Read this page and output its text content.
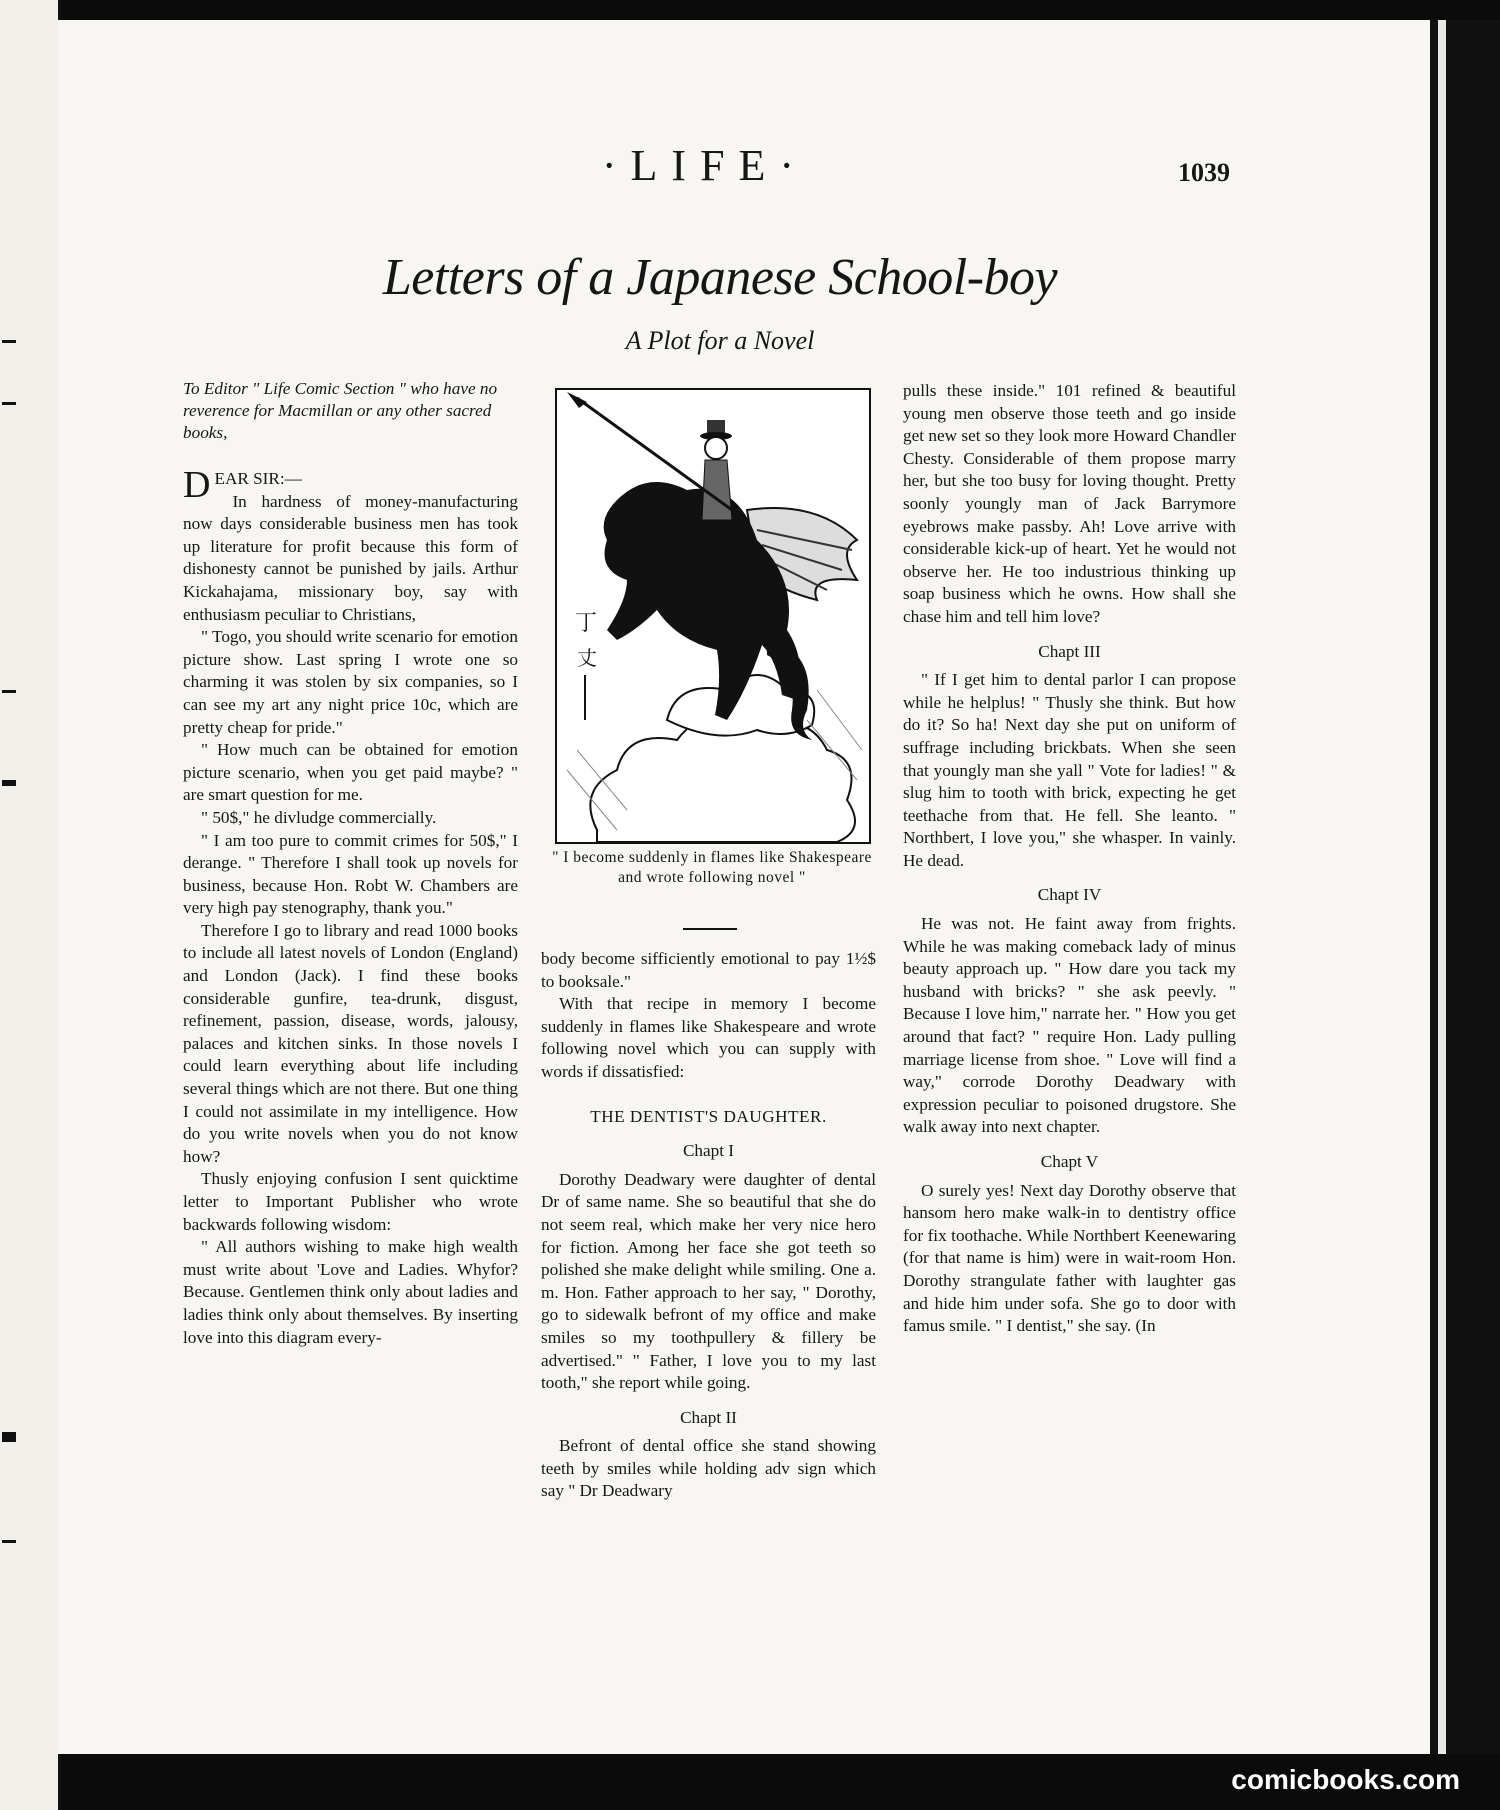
·LIFE·	1039
Letters of a Japanese School-boy
A Plot for a Novel

To Editor " Life Comic Section " who have no reverence for Macmillan or any other sacred books,

DEAR SIR:—

In hardness of money-manufacturing now days considerable business men has took up literature for profit because this form of dishonesty cannot be punished by jails. Arthur Kickahajama, missionary boy, say with enthusiasm peculiar to Christians,

" Togo, you should write scenario for emotion picture show. Last spring I wrote one so charming it was stolen by six companies, so I can see my art any night price 10c, which are pretty cheap for pride."

" How much can be obtained for emotion picture scenario, when you get paid maybe? " are smart question for me.

" 50$," he divludge commercially.

" I am too pure to commit crimes for 50$," I derange. " Therefore I shall took up novels for business, because Hon. Robt W. Chambers are very high pay stenography, thank you."

Therefore I go to library and read 1000 books to include all latest novels of London (England) and London (Jack). I find these books considerable gunfire, tea-drunk, disgust, refinement, passion, disease, words, jalousy, palaces and kitchen sinks. In those novels I could learn everything about life including several things which are not there. But one thing I could not assimilate in my intelligence. How do you write novels when you do not know how?

Thusly enjoying confusion I sent quicktime letter to Important Publisher who wrote backwards following wisdom:

" All authors wishing to make high wealth must write about 'Love and Ladies. Whyfor? Because. Gentlemen think only about ladies and ladies think only about themselves. By inserting love into this diagram every-

丁
丈
" I become suddenly in flames like Shakespeare and wrote following novel "

body become sifficiently emotional to pay 1½$ to booksale."

With that recipe in memory I become suddenly in flames like Shakespeare and wrote following novel which you can supply with words if dissatisfied:

THE DENTIST'S DAUGHTER.

Chapt I

Dorothy Deadwary were daughter of dental Dr of same name. She so beautiful that she do not seem real, which make her very nice hero for fiction. Among her face she got teeth so polished she make delight while smiling. One a. m. Hon. Father approach to her say, " Dorothy, go to sidewalk befront of my office and make smiles so my toothpullery & fillery be advertised." " Father, I love you to my last tooth," she report while going.

Chapt II

Befront of dental office she stand showing teeth by smiles while holding adv sign which say " Dr Deadwary

pulls these inside." 101 refined & beautiful young men observe those teeth and go inside get new set so they look more Howard Chandler Chesty. Considerable of them propose marry her, but she too busy for loving thought. Pretty soonly youngly man of Jack Barrymore eyebrows make passby. Ah! Love arrive with considerable kick-up of heart. Yet he would not observe her. He too industrious thinking up soap business which he owns. How shall she chase him and tell him love?

Chapt III

" If I get him to dental parlor I can propose while he helplus! " Thusly she think. But how do it? So ha! Next day she put on uniform of suffrage including brickbats. When she seen that youngly man she yall " Vote for ladies! " & slug him to tooth with brick, expecting he get teethache from that. He fell. She leanto. " Northbert, I love you," she whasper. In vainly. He dead.

Chapt IV

He was not. He faint away from frights. While he was making comeback lady of minus beauty approach up. " How dare you tack my husband with bricks? " she ask peevly. " Because I love him," narrate her. " How you get around that fact? " require Hon. Lady pulling marriage license from shoe. " Love will find a way," corrode Dorothy Deadwary with expression peculiar to poisoned drugstore. She walk away into next chapter.

Chapt V

O surely yes! Next day Dorothy observe that hansom hero make walk-in to dentistry office for fix toothache. While Northbert Keenewaring (for that name is him) were in wait-room Hon. Dorothy strangulate father with laughter gas and hide him under sofa. She go to door with famus smile. " I dentist," she say. (In

comicbooks.com
